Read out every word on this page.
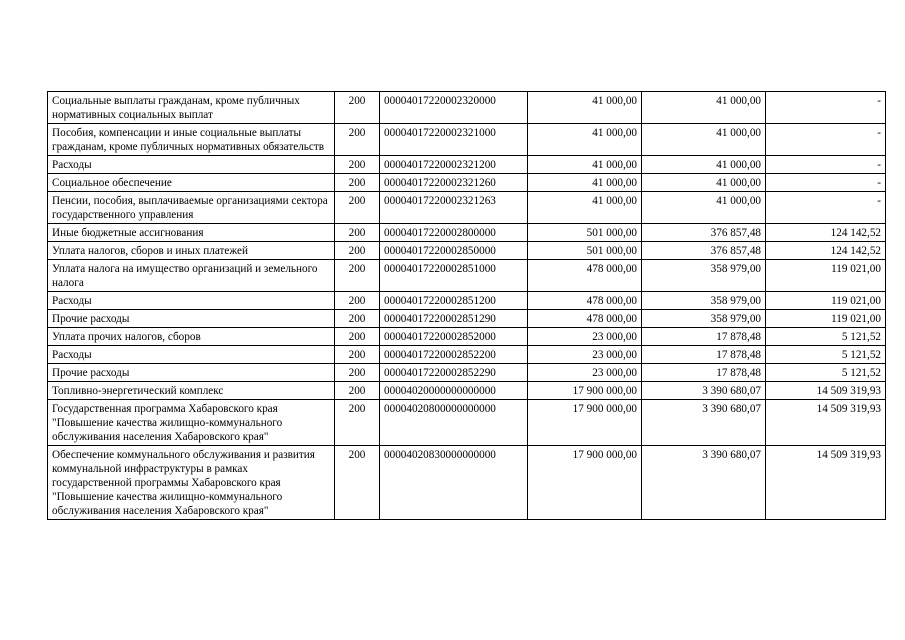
Социальные выплаты гражданам, кроме публичных нормативных социальных выплат	200	00004017220002320000	41 000,00	41 000,00	-
Пособия, компенсации и иные социальные выплаты гражданам, кроме публичных нормативных обязательств	200	00004017220002321000	41 000,00	41 000,00	-
Расходы	200	00004017220002321200	41 000,00	41 000,00	-
Социальное обеспечение	200	00004017220002321260	41 000,00	41 000,00	-
Пенсии, пособия, выплачиваемые организациями сектора государственного управления	200	00004017220002321263	41 000,00	41 000,00	-
Иные бюджетные ассигнования	200	00004017220002800000	501 000,00	376 857,48	124 142,52
Уплата налогов, сборов и иных платежей	200	00004017220002850000	501 000,00	376 857,48	124 142,52
Уплата налога на имущество организаций и земельного налога	200	00004017220002851000	478 000,00	358 979,00	119 021,00
Расходы	200	00004017220002851200	478 000,00	358 979,00	119 021,00
Прочие расходы	200	00004017220002851290	478 000,00	358 979,00	119 021,00
Уплата прочих налогов, сборов	200	00004017220002852000	23 000,00	17 878,48	5 121,52
Расходы	200	00004017220002852200	23 000,00	17 878,48	5 121,52
Прочие расходы	200	00004017220002852290	23 000,00	17 878,48	5 121,52
Топливно-энергетический комплекс	200	00004020000000000000	17 900 000,00	3 390 680,07	14 509 319,93
Государственная программа Хабаровского края "Повышение качества жилищно-коммунального обслуживания населения Хабаровского края"	200	00004020800000000000	17 900 000,00	3 390 680,07	14 509 319,93
Обеспечение коммунального обслуживания и развития коммунальной инфраструктуры в рамках государственной программы Хабаровского края "Повышение качества жилищно-коммунального обслуживания населения Хабаровского края"	200	00004020830000000000	17 900 000,00	3 390 680,07	14 509 319,93
